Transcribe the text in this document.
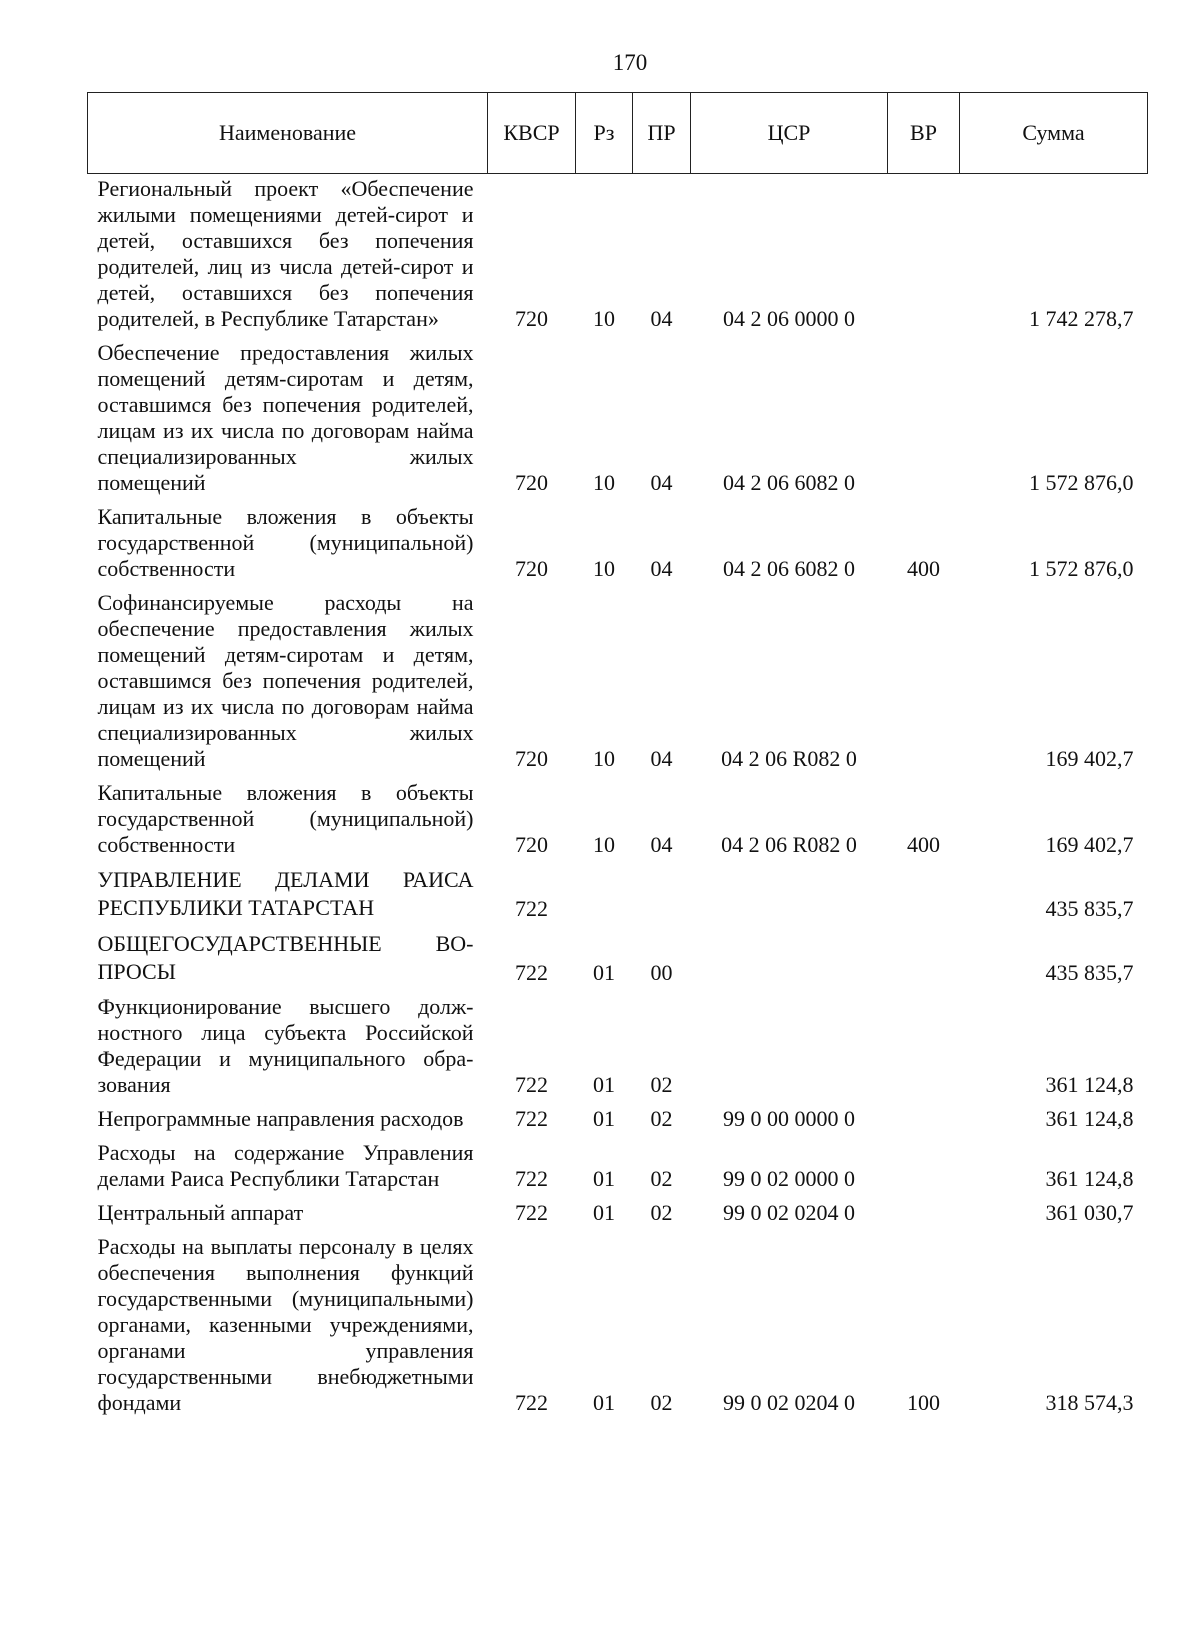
170
Наименование	КВСР	Рз	ПР	ЦСР	ВР	Сумма
Региональный проект «Обеспечение жилыми помещениями детей-сирот и детей, оставшихся без попечения родителей, лиц из числа детей-сирот и детей, оставшихся без попечения родителей, в Республике Татарстан»	720	10	04	04 2 06 0000 0		1 742 278,7
Обеспечение предоставления жилых помещений детям-сиротам и детям, оставшимся без попечения родителей, лицам из их числа по договорам найма специализированных жилых помещений	720	10	04	04 2 06 6082 0		1 572 876,0
Капитальные вложения в объекты государственной (муниципальной) собственности	720	10	04	04 2 06 6082 0	400	1 572 876,0
Софинансируемые расходы на обеспечение предоставления жилых помещений детям-сиротам и детям, оставшимся без попечения родителей, лицам из их числа по договорам найма специализированных жилых помещений	720	10	04	04 2 06 R082 0		169 402,7
Капитальные вложения в объекты государственной (муниципальной) собственности	720	10	04	04 2 06 R082 0	400	169 402,7
УПРАВЛЕНИЕ ДЕЛАМИ РАИСА РЕСПУБЛИКИ ТАТАРСТАН	722					435 835,7
ОБЩЕГОСУДАРСТВЕННЫЕ ВОПРОСЫ	722	01	00			435 835,7
Функционирование высшего должностного лица субъекта Российской Федерации и муниципального образования	722	01	02			361 124,8
Непрограммные направления расходов	722	01	02	99 0 00 0000 0		361 124,8
Расходы на содержание Управления делами Раиса Республики Татарстан	722	01	02	99 0 02 0000 0		361 124,8
Центральный аппарат	722	01	02	99 0 02 0204 0		361 030,7
Расходы на выплаты персоналу в целях обеспечения выполнения функций государственными (муниципальными) органами, казенными учреждениями, органами управления государственными внебюджетными фондами	722	01	02	99 0 02 0204 0	100	318 574,3
